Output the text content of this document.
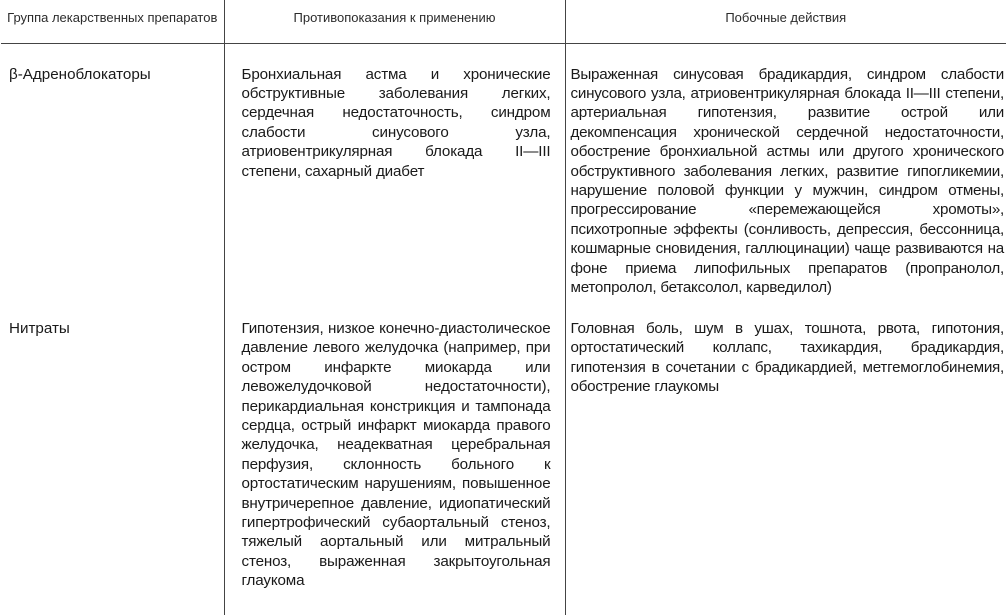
Группа лекарственных препаратов	Противопоказания к применению	Побочные действия
β-Адреноблокаторы	Бронхиальная астма и хронические обструктивные заболевания легких, сердечная недостаточность, синдром слабости синусового узла, атриовентрикулярная блокада II—III степени, сахарный диабет	Выраженная синусовая брадикардия, синдром слабости синусового узла, атриовентрикулярная блокада II—III степени, артериальная гипотензия, развитие острой или декомпенсация хронической сердечной недостаточности, обострение бронхиальной астмы или другого хронического обструктивного заболевания легких, развитие гипогликемии, нарушение половой функции у мужчин, синдром отмены, прогрессирование «перемежающейся хромоты», психотропные эффекты (сонливость, депрессия, бессонница, кошмарные сновидения, галлюцинации) чаще развиваются на фоне приема липофильных препаратов (пропранолол, метопролол, бетаксолол, карведилол)

Нитраты	Гипотензия, низкое конечно-диастолическое давление левого желудочка (например, при остром инфаркте миокарда или левожелудочковой недостаточности), перикардиальная констрикция и тампонада сердца, острый инфаркт миокарда правого желудочка, неадекватная церебральная перфузия, склонность больного к ортостатическим нарушениям, повышенное внутричерепное давление, идиопатический гипертрофический субаортальный стеноз, тяжелый аортальный или митральный стеноз, выраженная закрытоугольная глаукома	Головная боль, шум в ушах, тошнота, рвота, гипотония, ортостатический коллапс, тахикардия, брадикардия, гипотензия в сочетании с брадикардией, метгемоглобинемия, обострение глаукомы
